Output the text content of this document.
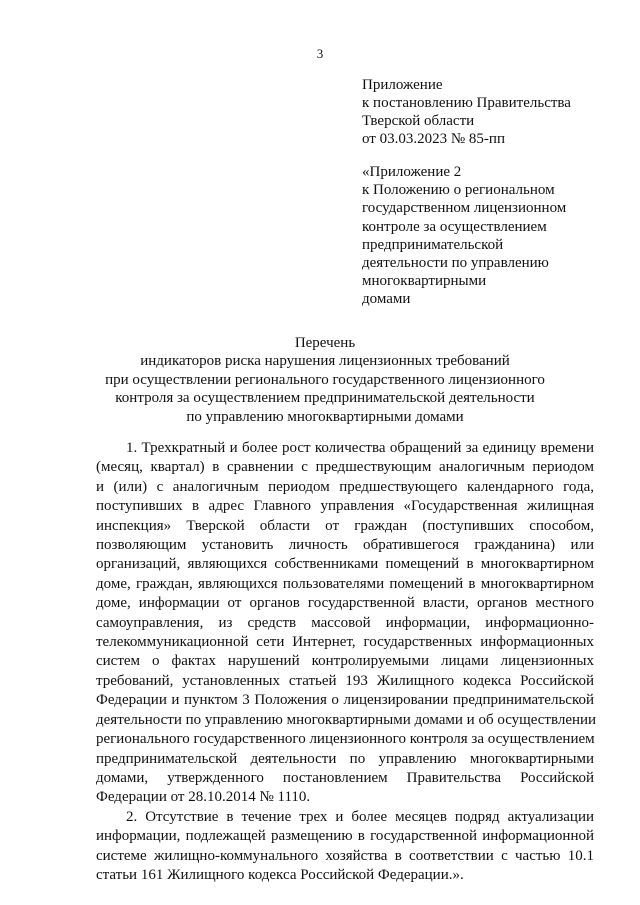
3
Приложение
к постановлению Правительства
Тверской области
от 03.03.2023 № 85-пп
«Приложение 2
к Положению о региональном
государственном лицензионном
контроле за осуществлением
предпринимательской
деятельности по управлению
многоквартирными
домами
Перечень
индикаторов риска нарушения лицензионных требований
при осуществлении регионального государственного лицензионного
контроля за осуществлением предпринимательской деятельности
по управлению многоквартирными домами
1. Трехкратный и более рост количества обращений за единицу времени
(месяц, квартал) в сравнении с предшествующим аналогичным периодом
и (или) с аналогичным периодом предшествующего календарного года,
поступивших в адрес Главного управления «Государственная жилищная
инспекция» Тверской области от граждан (поступивших способом,
позволяющим установить личность обратившегося гражданина) или
организаций, являющихся собственниками помещений в многоквартирном
доме, граждан, являющихся пользователями помещений в многоквартирном
доме, информации от органов государственной власти, органов местного
самоуправления, из средств массовой информации, информационно-
телекоммуникационной сети Интернет, государственных информационных
систем о фактах нарушений контролируемыми лицами лицензионных
требований, установленных статьей 193 Жилищного кодекса Российской
Федерации и пунктом 3 Положения о лицензировании предпринимательской
деятельности по управлению многоквартирными домами и об осуществлении
регионального государственного лицензионного контроля за осуществлением
предпринимательской деятельности по управлению многоквартирными
домами, утвержденного постановлением Правительства Российской
Федерации от 28.10.2014 № 1110.
2. Отсутствие в течение трех и более месяцев подряд актуализации
информации, подлежащей размещению в государственной информационной
системе жилищно-коммунального хозяйства в соответствии с частью 10.1
статьи 161 Жилищного кодекса Российской Федерации.».
